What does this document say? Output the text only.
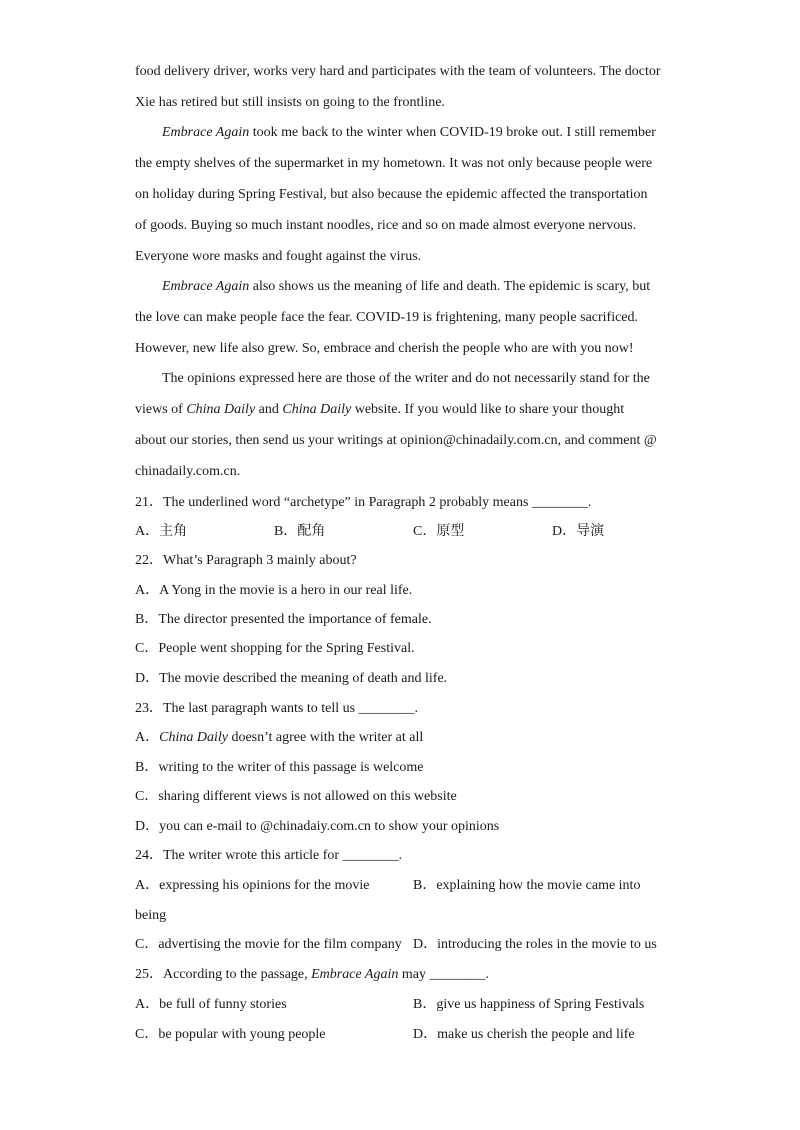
food delivery driver, works very hard and participates with the team of volunteers. The doctor
Xie has retired but still insists on going to the frontline.
Embrace Again took me back to the winter when COVID-19 broke out. I still remember
the empty shelves of the supermarket in my hometown. It was not only because people were
on holiday during Spring Festival, but also because the epidemic affected the transportation
of goods. Buying so much instant noodles, rice and so on made almost everyone nervous.
Everyone wore masks and fought against the virus.
Embrace Again also shows us the meaning of life and death. The epidemic is scary, but
the love can make people face the fear. COVID-19 is frightening, many people sacrificed.
However, new life also grew. So, embrace and cherish the people who are with you now!
The opinions expressed here are those of the writer and do not necessarily stand for the
views of China Daily and China Daily website. If you would like to share your thought
about our stories, then send us your writings at opinion@chinadaily.com.cn, and comment @
chinadaily.com.cn.
21．The underlined word “archetype” in Paragraph 2 probably means ________.
A．主角	B．配角	C．原型	D．导演
22．What’s Paragraph 3 mainly about?
A．A Yong in the movie is a hero in our real life.
B．The director presented the importance of female.
C．People went shopping for the Spring Festival.
D．The movie described the meaning of death and life.
23．The last paragraph wants to tell us ________.
A．China Daily doesn’t agree with the writer at all
B．writing to the writer of this passage is welcome
C．sharing different views is not allowed on this website
D．you can e-mail to @chinadaiy.com.cn to show your opinions
24．The writer wrote this article for ________.
A．expressing his opinions for the movie	B．explaining how the movie came into
being
C．advertising the movie for the film company D．introducing the roles in the movie to us
25．According to the passage, Embrace Again may ________.
A．be full of funny stories	B．give us happiness of Spring Festivals
C．be popular with young people	D．make us cherish the people and life
